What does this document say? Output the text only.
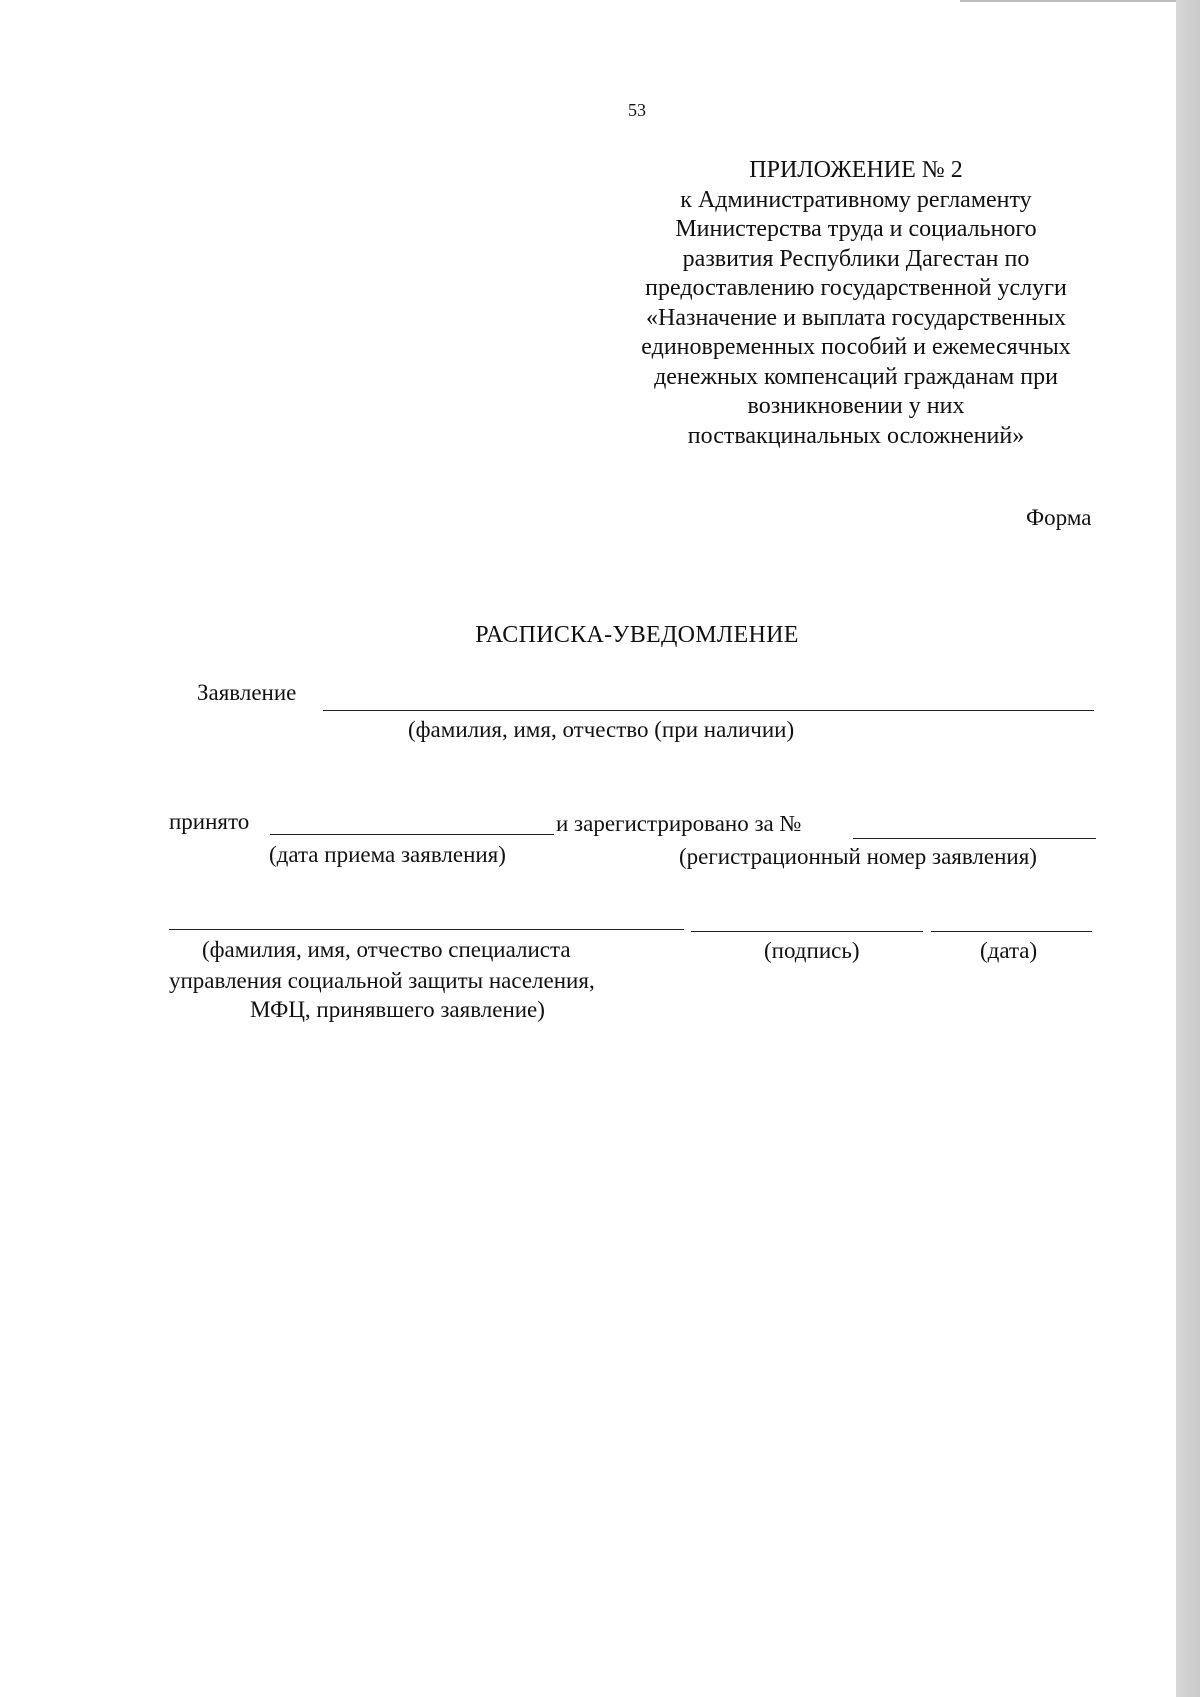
53
ПРИЛОЖЕНИЕ № 2
к Административному регламенту
Министерства труда и социального
развития Республики Дагестан по
предоставлению государственной услуги
«Назначение и выплата государственных
единовременных пособий и ежемесячных
денежных компенсаций гражданам при
возникновении у них
поствакцинальных осложнений»
Форма
РАСПИСКА-УВЕДОМЛЕНИЕ
Заявление
(фамилия, имя, отчество (при наличии)
принято	и зарегистрировано за №
(дата приема заявления)	(регистрационный номер заявления)
(фамилия, имя, отчество специалиста
управления социальной защиты населения,
МФЦ, принявшего заявление)
(подпись)	(дата)
